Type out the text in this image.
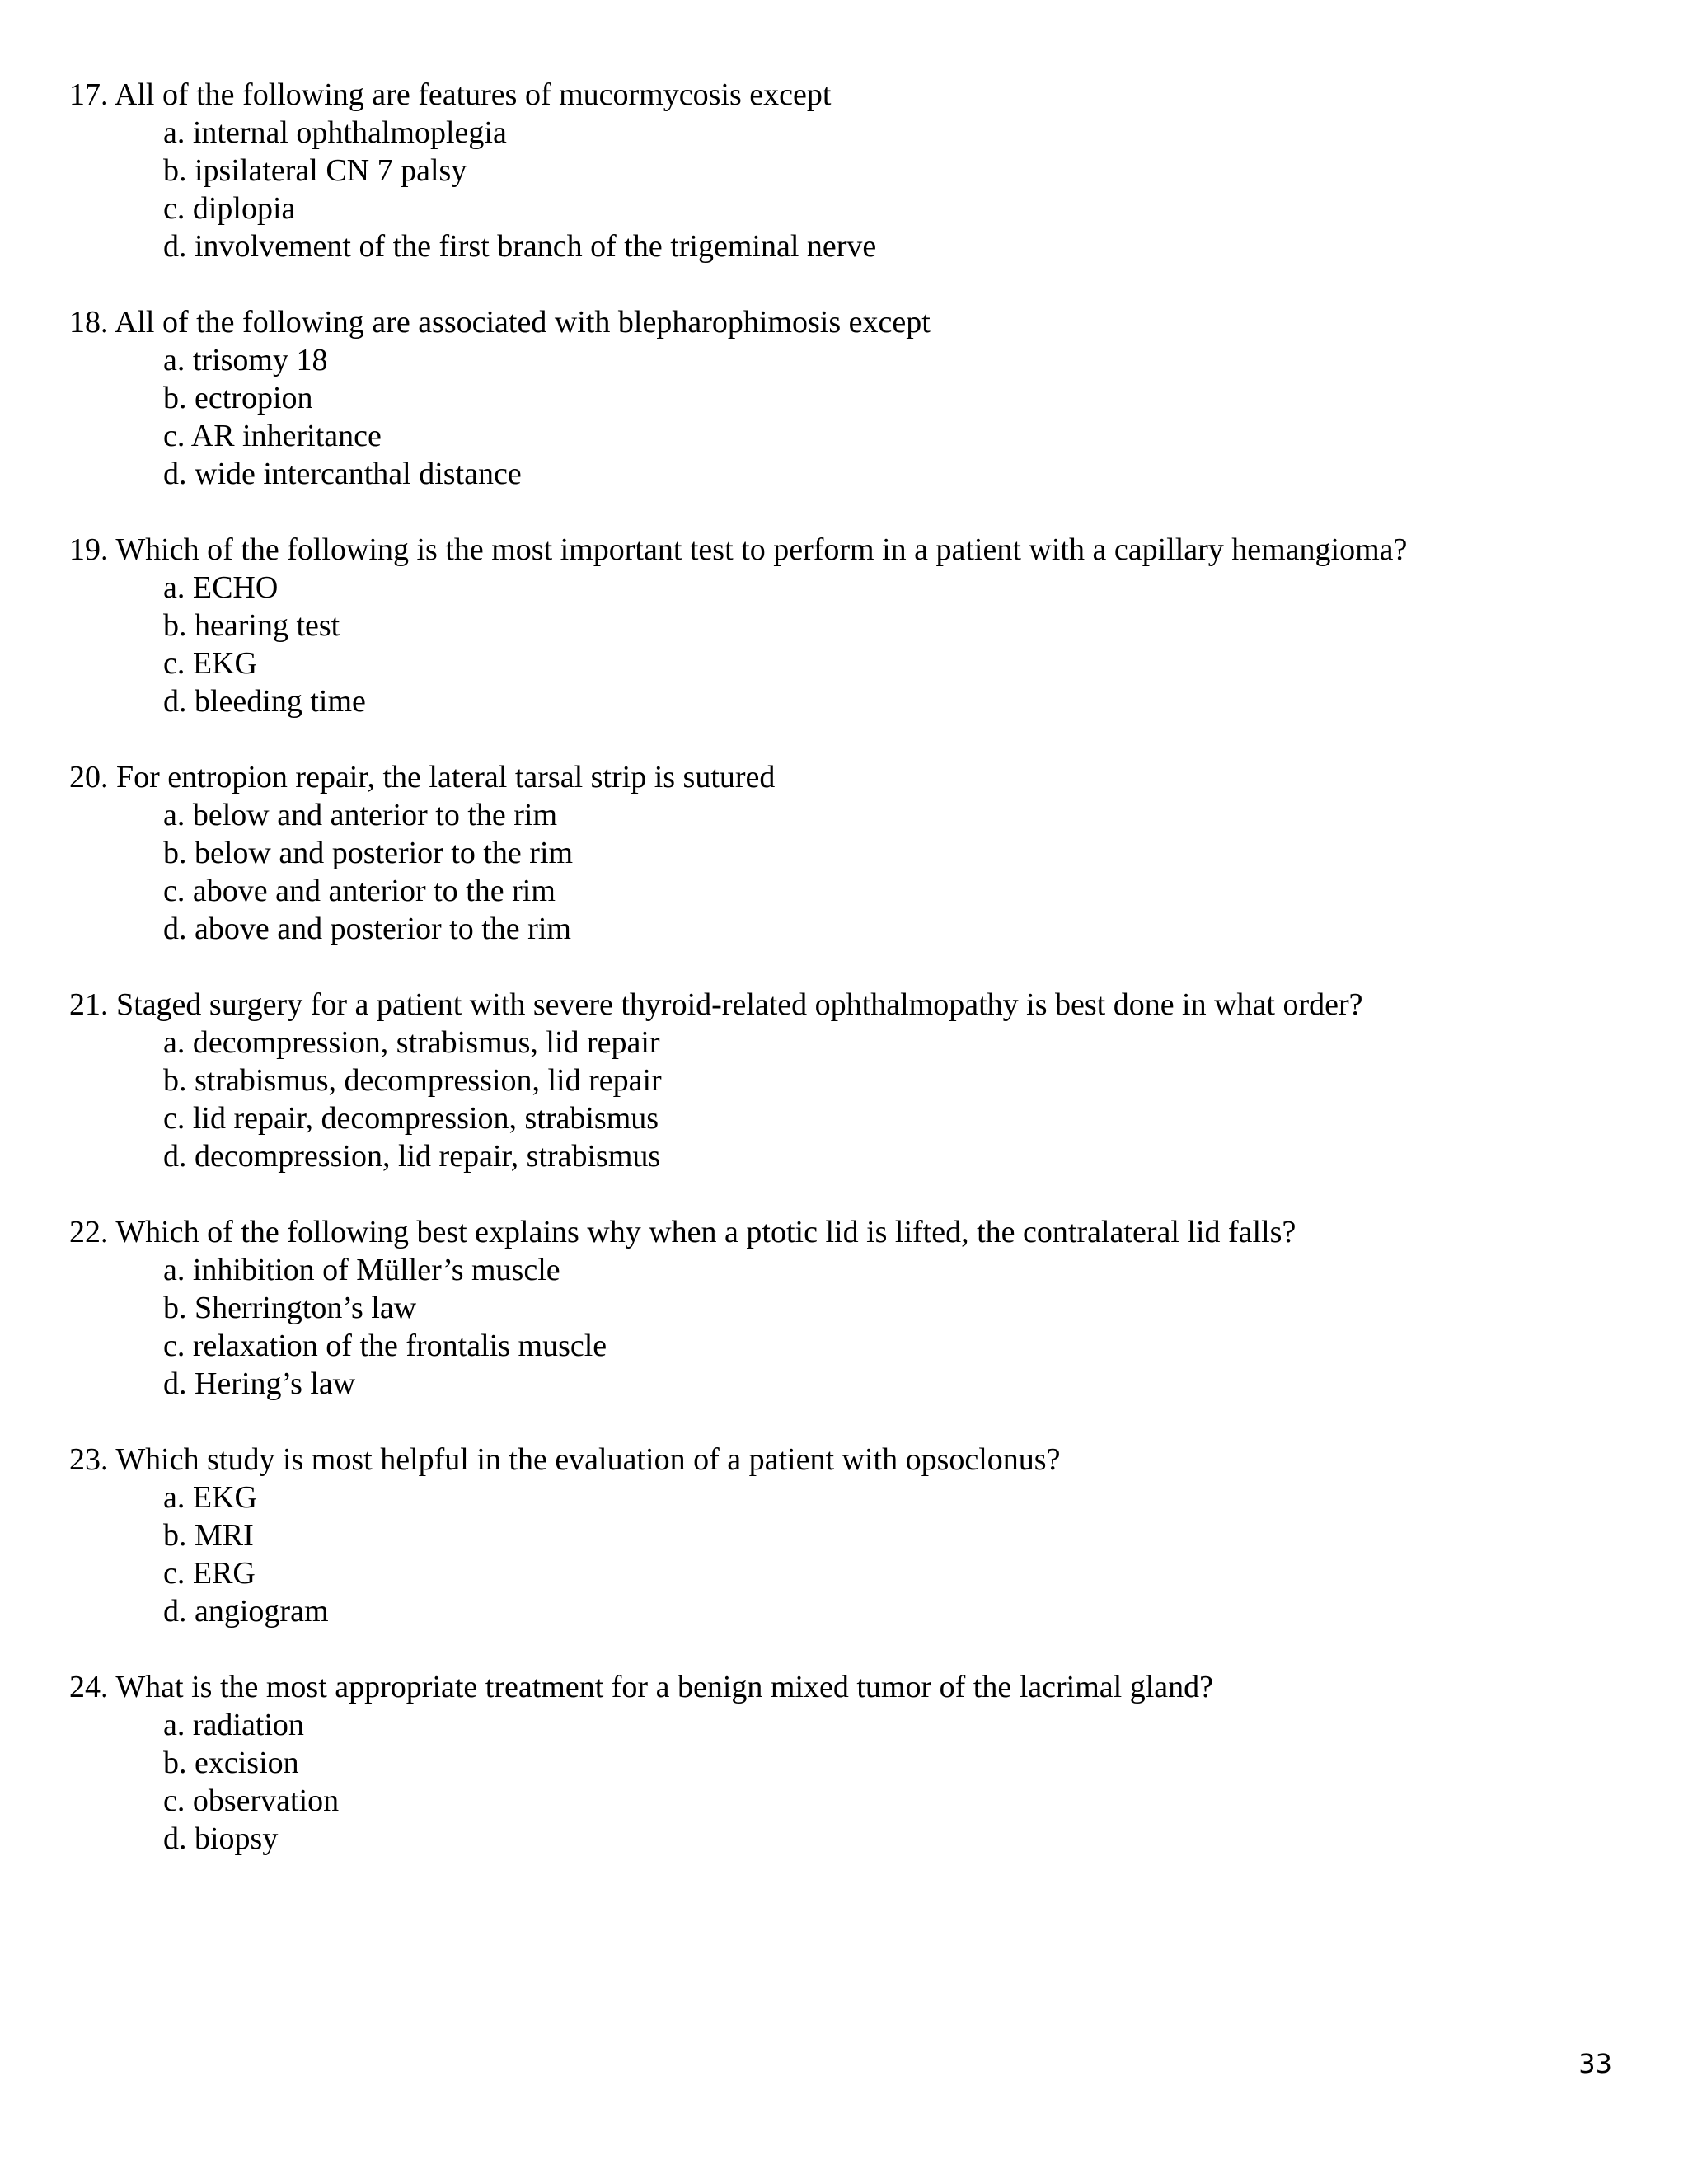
17. All of the following are features of mucormycosis except
a. internal ophthalmoplegia
b. ipsilateral CN 7 palsy
c. diplopia
d. involvement of the first branch of the trigeminal nerve
18. All of the following are associated with blepharophimosis except
a. trisomy 18
b. ectropion
c. AR inheritance
d. wide intercanthal distance
19. Which of the following is the most important test to perform in a patient with a capillary hemangioma?
a. ECHO
b. hearing test
c. EKG
d. bleeding time
20. For entropion repair, the lateral tarsal strip is sutured
a. below and anterior to the rim
b. below and posterior to the rim
c. above and anterior to the rim
d. above and posterior to the rim
21. Staged surgery for a patient with severe thyroid-related ophthalmopathy is best done in what order?
a. decompression, strabismus, lid repair
b. strabismus, decompression, lid repair
c. lid repair, decompression, strabismus
d. decompression, lid repair, strabismus
22. Which of the following best explains why when a ptotic lid is lifted, the contralateral lid falls?
a. inhibition of Müller’s muscle
b. Sherrington’s law
c. relaxation of the frontalis muscle
d. Hering’s law
23. Which study is most helpful in the evaluation of a patient with opsoclonus?
a. EKG
b. MRI
c. ERG
d. angiogram
24. What is the most appropriate treatment for a benign mixed tumor of the lacrimal gland?
a. radiation
b. excision
c. observation
d. biopsy
33
